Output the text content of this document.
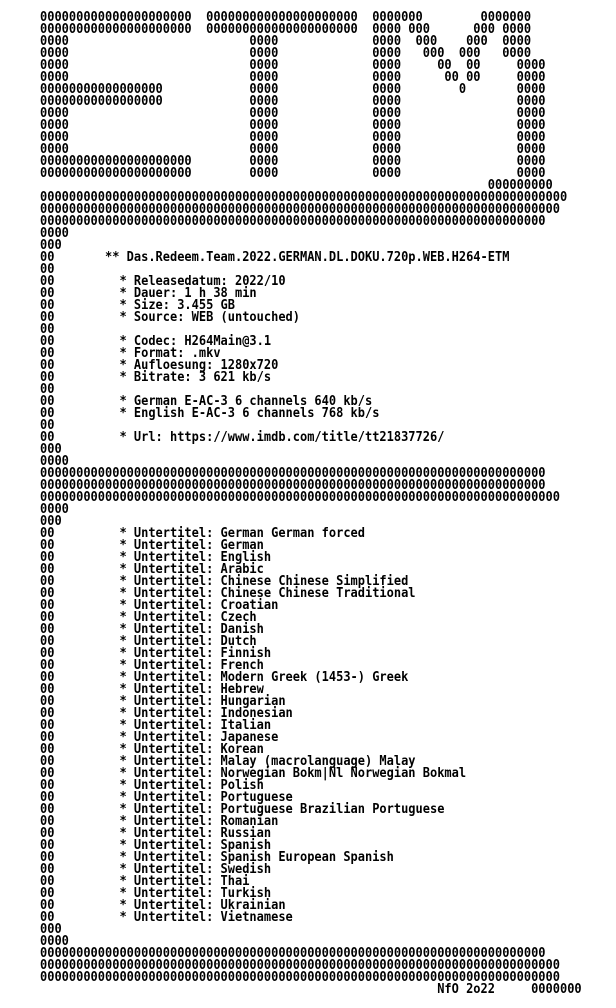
000000000000000000000  000000000000000000000  0000000        0000000
000000000000000000000  000000000000000000000  0000 000      000 0000
0000                         0000             0000  000    000  0000
0000                         0000             0000   000  000   0000
0000                         0000             0000     00  00     0000
0000                         0000             0000      00 00     0000
00000000000000000            0000             0000        0       0000
00000000000000000            0000             0000                0000
0000                         0000             0000                0000
0000                         0000             0000                0000
0000                         0000             0000                0000
0000                         0000             0000                0000
000000000000000000000        0000             0000                0000
000000000000000000000        0000             0000                0000
000000000
0000000000000000000000000000000000000000000000000000000000000000000000000
000000000000000000000000000000000000000000000000000000000000000000000000
0000000000000000000000000000000000000000000000000000000000000000000000
0000
000
00       ** Das.Redeem.Team.2022.GERMAN.DL.DOKU.720p.WEB.H264-ETM
00
00         * Releasedatum: 2022/10
00         * Dauer: 1 h 38 min
00         * Size: 3.455 GB
00         * Source: WEB (untouched)
00
00         * Codec: H264Main@3.1
00         * Format: .mkv
00         * Aufloesung: 1280x720
00         * Bitrate: 3 621 kb/s
00
00         * German E-AC-3 6 channels 640 kb/s
00         * English E-AC-3 6 channels 768 kb/s
00
00         * Url: https://www.imdb.com/title/tt21837726/
000
0000
0000000000000000000000000000000000000000000000000000000000000000000000
0000000000000000000000000000000000000000000000000000000000000000000000
000000000000000000000000000000000000000000000000000000000000000000000000
0000
000
00         * Untertitel: German German forced
00         * Untertitel: German
00         * Untertitel: English
00         * Untertitel: Arabic
00         * Untertitel: Chinese Chinese Simplified
00         * Untertitel: Chinese Chinese Traditional
00         * Untertitel: Croatian
00         * Untertitel: Czech
00         * Untertitel: Danish
00         * Untertitel: Dutch
00         * Untertitel: Finnish
00         * Untertitel: French
00         * Untertitel: Modern Greek (1453-) Greek
00         * Untertitel: Hebrew
00         * Untertitel: Hungarian
00         * Untertitel: Indonesian
00         * Untertitel: Italian
00         * Untertitel: Japanese
00         * Untertitel: Korean
00         * Untertitel: Malay (macrolanguage) Malay
00         * Untertitel: Norwegian Bokm|Nl Norwegian Bokmal
00         * Untertitel: Polish
00         * Untertitel: Portuguese
00         * Untertitel: Portuguese Brazilian Portuguese
00         * Untertitel: Romanian
00         * Untertitel: Russian
00         * Untertitel: Spanish
00         * Untertitel: Spanish European Spanish
00         * Untertitel: Swedish
00         * Untertitel: Thai
00         * Untertitel: Turkish
00         * Untertitel: Ukrainian
00         * Untertitel: Vietnamese
000
0000
0000000000000000000000000000000000000000000000000000000000000000000000
000000000000000000000000000000000000000000000000000000000000000000000000
000000000000000000000000000000000000000000000000000000000000000000000000
NfO 2o22     0000000
